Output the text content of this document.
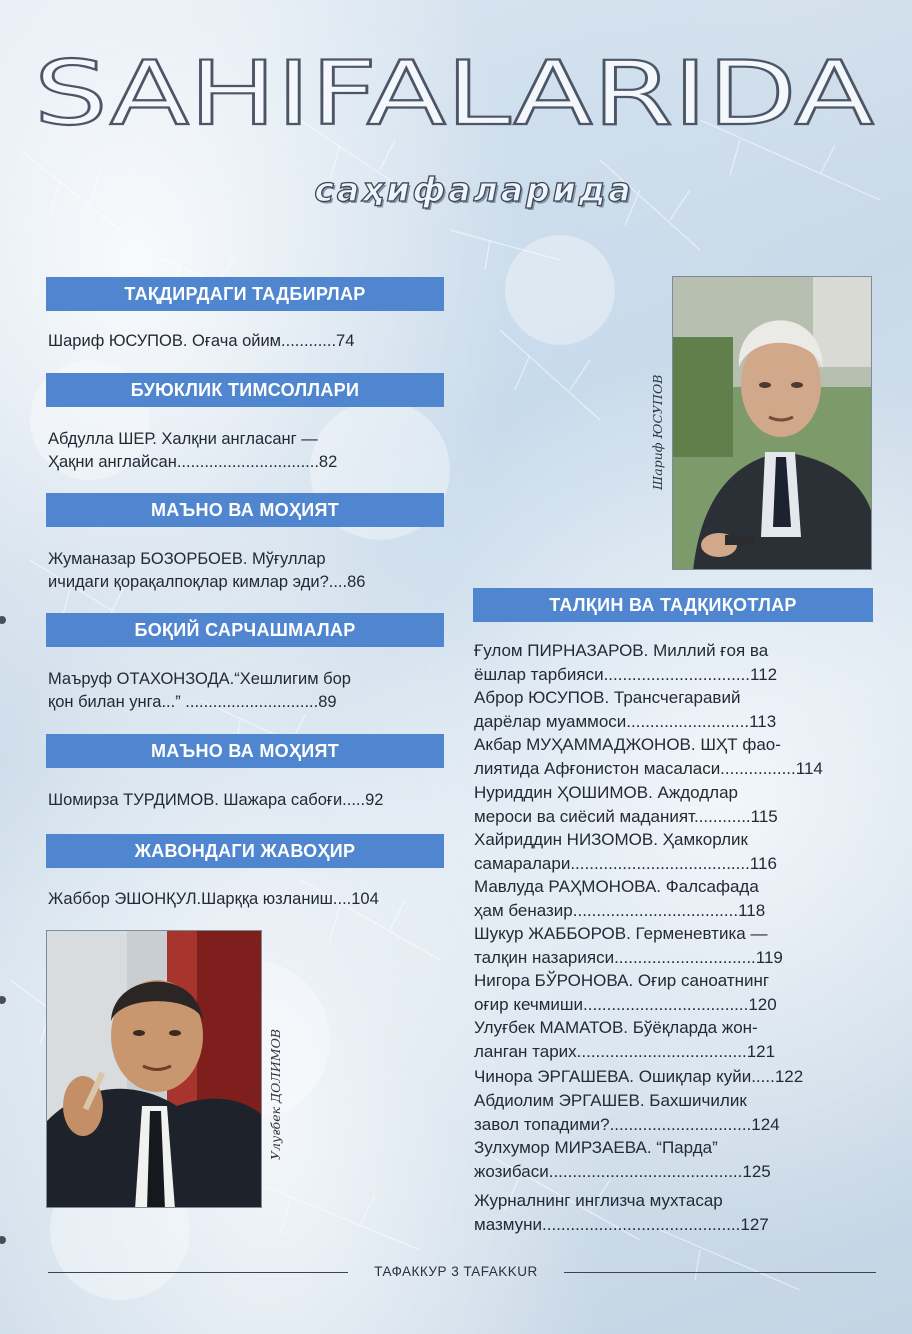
SAHIFALARIDA
саҳифаларида
ТАҚДИРДАГИ ТАДБИРЛАР
Шариф ЮСУПОВ. Оғача ойим............74
БУЮКЛИК ТИМСОЛЛАРИ
Абдулла ШЕР. Халқни англасанг —
Ҳақни англайсан...............................82
МАЪНО ВА МОҲИЯТ
Жуманазар БОЗОРБОЕВ. Мўғуллар
ичидаги қорақалпоқлар кимлар эди?....86
БОҚИЙ САРЧАШМАЛАР
Маъруф ОТАХОНЗОДА.“Хешлигим бор
қон билан унга...” .............................89
МАЪНО ВА МОҲИЯТ
Шомирза ТУРДИМОВ. Шажара сабоғи.....92
ЖАВОНДАГИ ЖАВОҲИР
Жаббор ЭШОНҚУЛ.Шарққа юзланиш....104
Улуғбек ДОЛИМОВ
Шариф ЮСУПОВ
ТАЛҚИН ВА ТАДҚИҚОТЛАР
Ғулом ПИРНАЗАРОВ. Миллий ғоя ва
ёшлар тарбияси...............................112
Аброр ЮСУПОВ. Трансчегаравий
дарёлар муаммоси..........................113
Акбар МУҲАММАДЖОНОВ. ШҲТ фао-
лиятида Афғонистон масаласи................114
Нуриддин ҲОШИМОВ. Аждодлар
мероси ва сиёсий маданият............115
Хайриддин НИЗОМОВ. Ҳамкорлик
самаралари......................................116
Мавлуда РАҲМОНОВА. Фалсафада
ҳам беназир...................................118
Шукур ЖАББОРОВ. Герменевтика —
талқин назарияси..............................119
Нигора БЎРОНОВА. Оғир саноатнинг
оғир кечмиши...................................120
Улуғбек МАМАТОВ. Бўёқларда жон-
ланган тарих....................................121
Чинора ЭРГАШЕВА. Ошиқлар куйи.....122
Абдиолим ЭРГАШЕВ. Бахшичилик
завол топадими?..............................124
Зулхумор МИРЗАЕВА. “Парда”
жозибаси.........................................125
Журналнинг инглизча мухтасар
мазмуни..........................................127
ТАФАККУР 3 TAFAKKUR
